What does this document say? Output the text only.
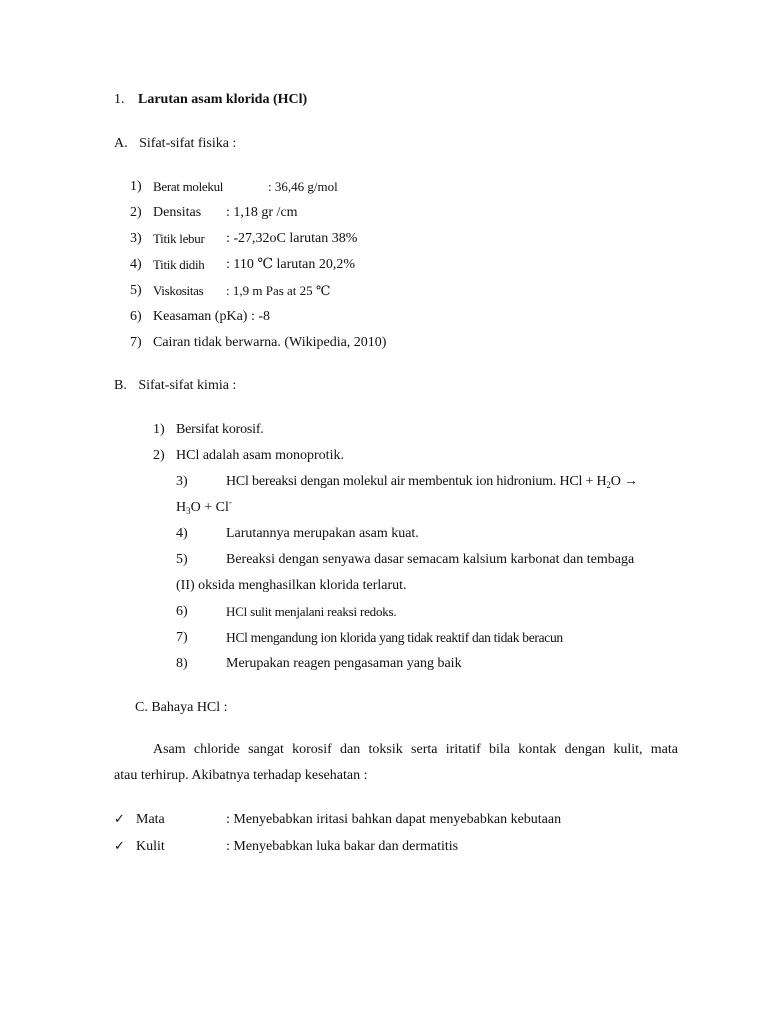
1. Larutan asam klorida (HCl)
A. Sifat-sifat fisika :
1) Berat molekul	: 36,46 g/mol
2) Densitas : 1,18 gr /cm
3) Titik lebur : -27,32oC larutan 38%
4) Titik didih : 110 ℃ larutan 20,2%
5) Viskositas : 1,9 m Pas at 25 ℃
6) Keasaman (pKa) : -8
7) Cairan tidak berwarna. (Wikipedia, 2010)
B. Sifat-sifat kimia :
1) Bersifat korosif.
2) HCl adalah asam monoprotik.
3)	HCl bereaksi dengan molekul air membentuk ion hidronium. HCl + $H_2O$ →
$H_3O + Cl^-$
4)	Larutannya merupakan asam kuat.
5)	Bereaksi dengan senyawa dasar semacam kalsium karbonat dan tembaga
(II) oksida menghasilkan klorida terlarut.
6)	HCl sulit menjalani reaksi redoks.
7)	HCl mengandung ion klorida yang tidak reaktif dan tidak beracun
8)	Merupakan reagen pengasaman yang baik
C. Bahaya HCl :
Asam chloride sangat korosif dan toksik serta iritatif bila kontak dengan kulit, mata
atau terhirup. Akibatnya terhadap kesehatan :
✓ Mata	: Menyebabkan iritasi bahkan dapat menyebabkan kebutaan
✓ Kulit	: Menyebabkan luka bakar dan dermatitis
